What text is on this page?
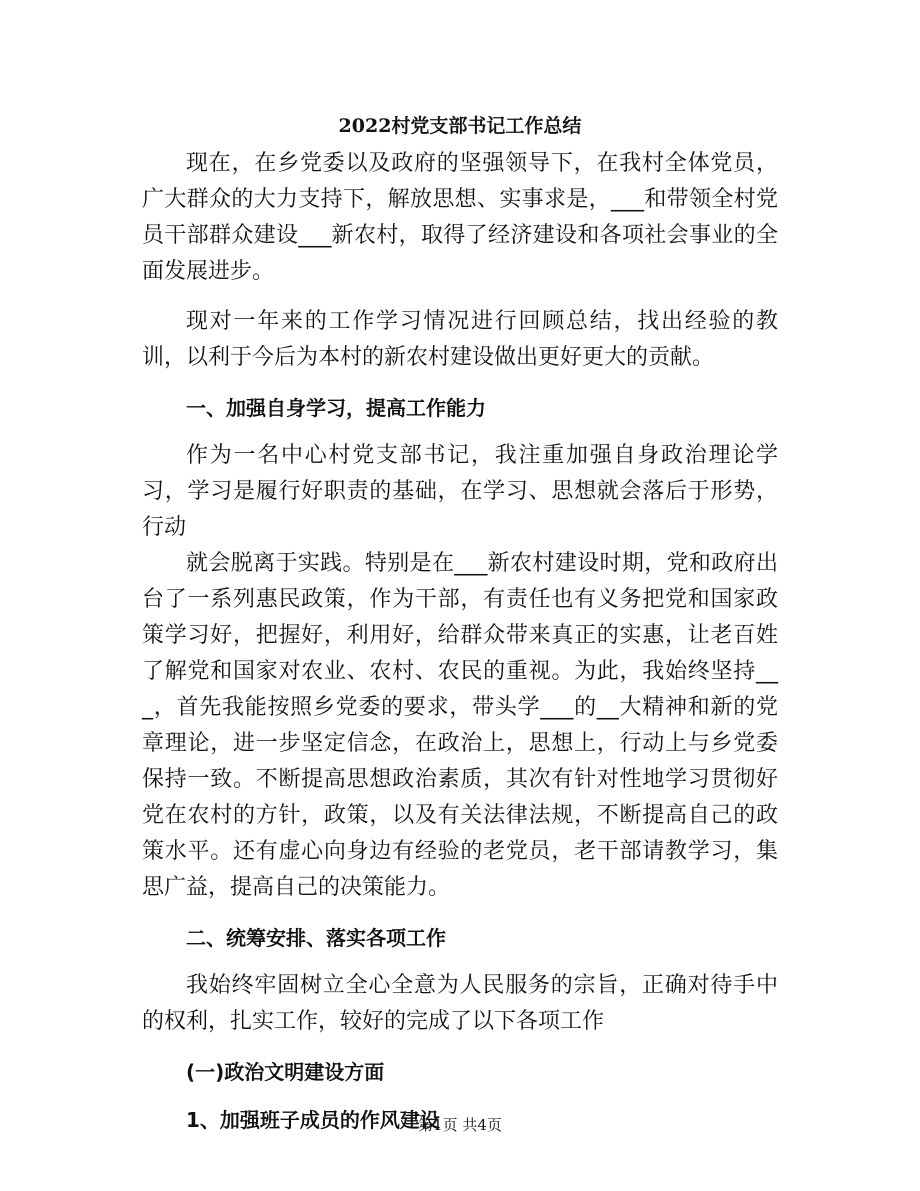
2022村党支部书记工作总结

现在，在乡党委以及政府的坚强领导下，在我村全体党员，广大群众的大力支持下，解放思想、实事求是，___和带领全村党员干部群众建设___新农村，取得了经济建设和各项社会事业的全面发展进步。

现对一年来的工作学习情况进行回顾总结，找出经验的教训，以利于今后为本村的新农村建设做出更好更大的贡献。

一、加强自身学习，提高工作能力

作为一名中心村党支部书记，我注重加强自身政治理论学习，学习是履行好职责的基础，在学习、思想就会落后于形势，行动

就会脱离于实践。特别是在___新农村建设时期，党和政府出台了一系列惠民政策，作为干部，有责任也有义务把党和国家政策学习好，把握好，利用好，给群众带来真正的实惠，让老百姓了解党和国家对农业、农村、农民的重视。为此，我始终坚持___，首先我能按照乡党委的要求，带头学___的__大精神和新的党章理论，进一步坚定信念，在政治上，思想上，行动上与乡党委保持一致。不断提高思想政治素质，其次有针对性地学习贯彻好党在农村的方针，政策，以及有关法律法规，不断提高自己的政策水平。还有虚心向身边有经验的老党员，老干部请教学习，集思广益，提高自己的决策能力。

二、统筹安排、落实各项工作

我始终牢固树立全心全意为人民服务的宗旨，正确对待手中的权利，扎实工作，较好的完成了以下各项工作

(一)政治文明建设方面

1、加强班子成员的作风建设

第1页 共4页
